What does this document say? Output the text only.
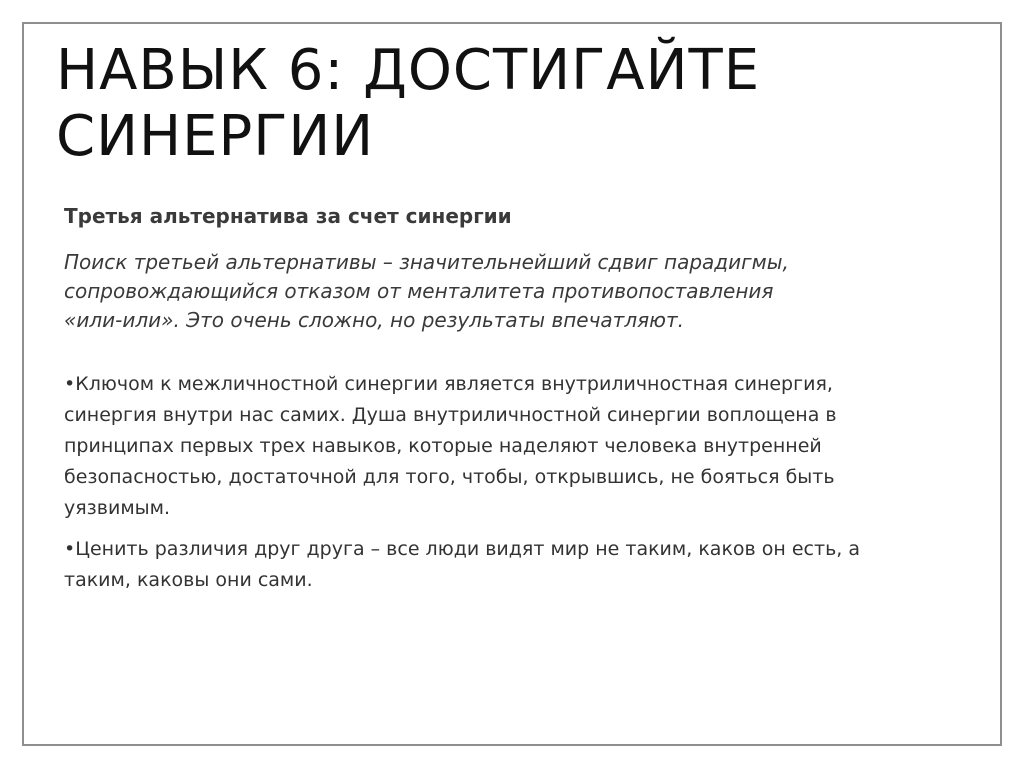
НАВЫК 6: ДОСТИГАЙТЕ СИНЕРГИИ
Третья альтернатива за счет синергии
Поиск третьей альтернативы – значительнейший сдвиг парадигмы, сопровождающийся отказом от менталитета противопоставления «или-или». Это очень сложно, но результаты впечатляют.
•Ключом к межличностной синергии является внутриличностная синергия, синергия внутри нас самих. Душа внутриличностной синергии воплощена в принципах первых трех навыков, которые наделяют человека внутренней безопасностью, достаточной для того, чтобы, открывшись, не бояться быть уязвимым.
•Ценить различия друг друга – все люди видят мир не таким, каков он есть, а таким, каковы они сами.
